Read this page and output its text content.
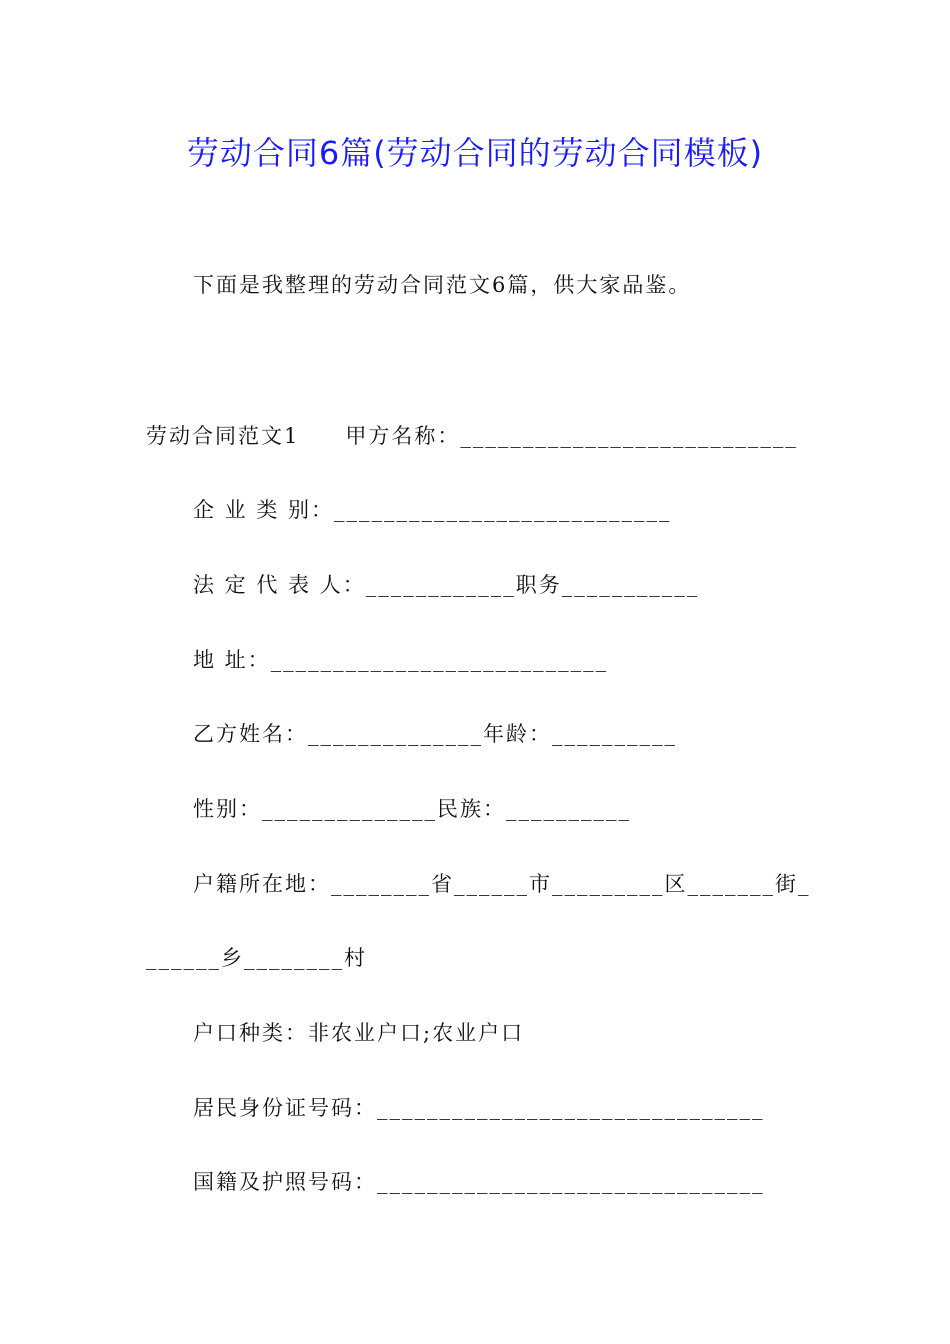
劳动合同6篇(劳动合同的劳动合同模板)
下面是我整理的劳动合同范文6篇，供大家品鉴。
劳动合同范文1　　甲方名称：___________________________
企 业 类 别：___________________________
法 定 代 表 人：____________职务___________
地 址：___________________________
乙方姓名：______________年龄：__________
性别：______________民族：__________
户籍所在地：________省______市_________区_______街_
______乡________村
户口种类：非农业户口;农业户口
居民身份证号码：_______________________________
国籍及护照号码：_______________________________
